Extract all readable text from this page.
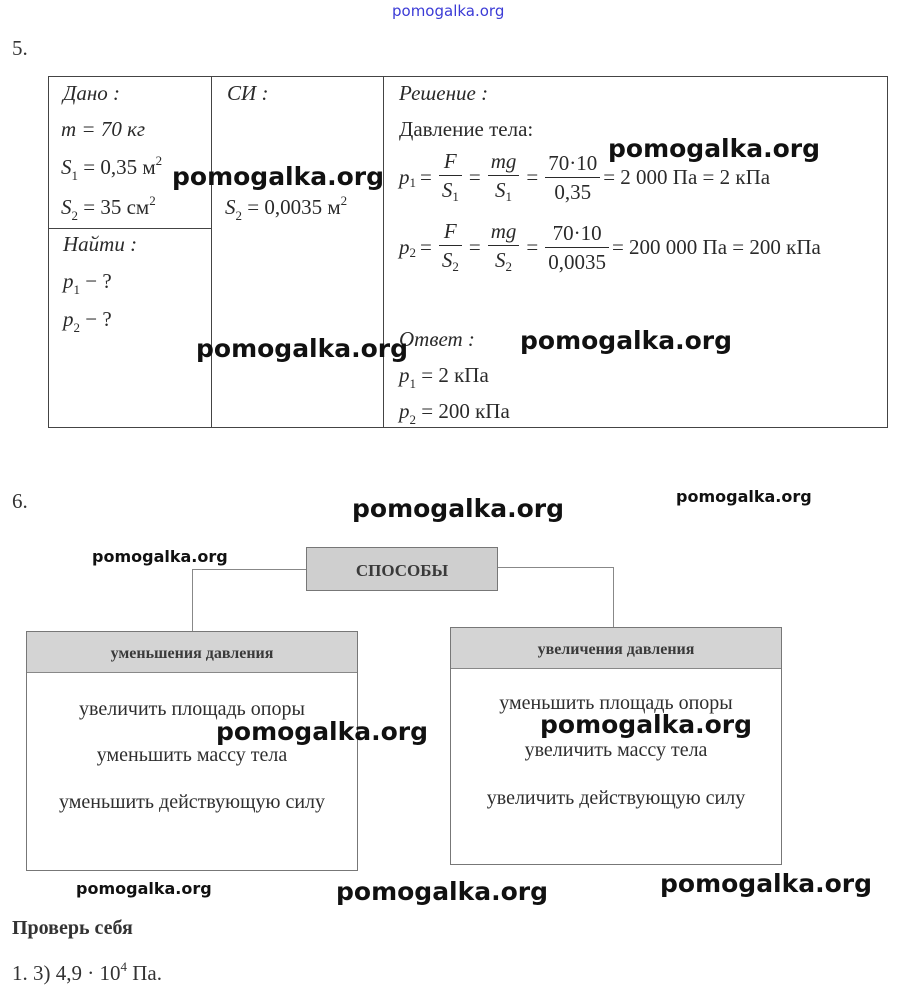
pomogalka.org
5.
Дано :
m = 70 кг
$S_1 = 0,35$ $м^2$
$S_2 = 35$ $см^2$
Найти :
$p_1$ − ?
$p_2$ − ?
СИ :
$S_2 = 0,0035$ $м^2$
Решение :
Давление тела:
p $1 = \frac{F}{S1} = \frac{mg}{S1} = \frac{70\cdot 10}{0,35} = 2$ 000 Па = 2 кПа
p $2 = \frac{F}{S2} = \frac{mg}{S2} = \frac{70\cdot 10}{0,0035} = 200$ 000 Па = 200 кПа
Ответ :
$p_1 = 2$ кПа
$p_2 = 200$ кПа
pomogalka.org
pomogalka.org
pomogalka.org	pomogalka.org
6.	pomogalka.org	pomogalka.org
pomogalka.org
СПОСОБЫ
уменьшения давления
увеличить площадь опоры
уменьшить массу тела
уменьшить действующую силу
увеличения давления
уменьшить площадь опоры
увеличить массу тела
увеличить действующую силу
pomogalka.org	pomogalka.org
pomogalka.org	pomogalka.org	pomogalka.org
Проверь себя
1. 3) $4,9 \cdot 10^4$ Па.
